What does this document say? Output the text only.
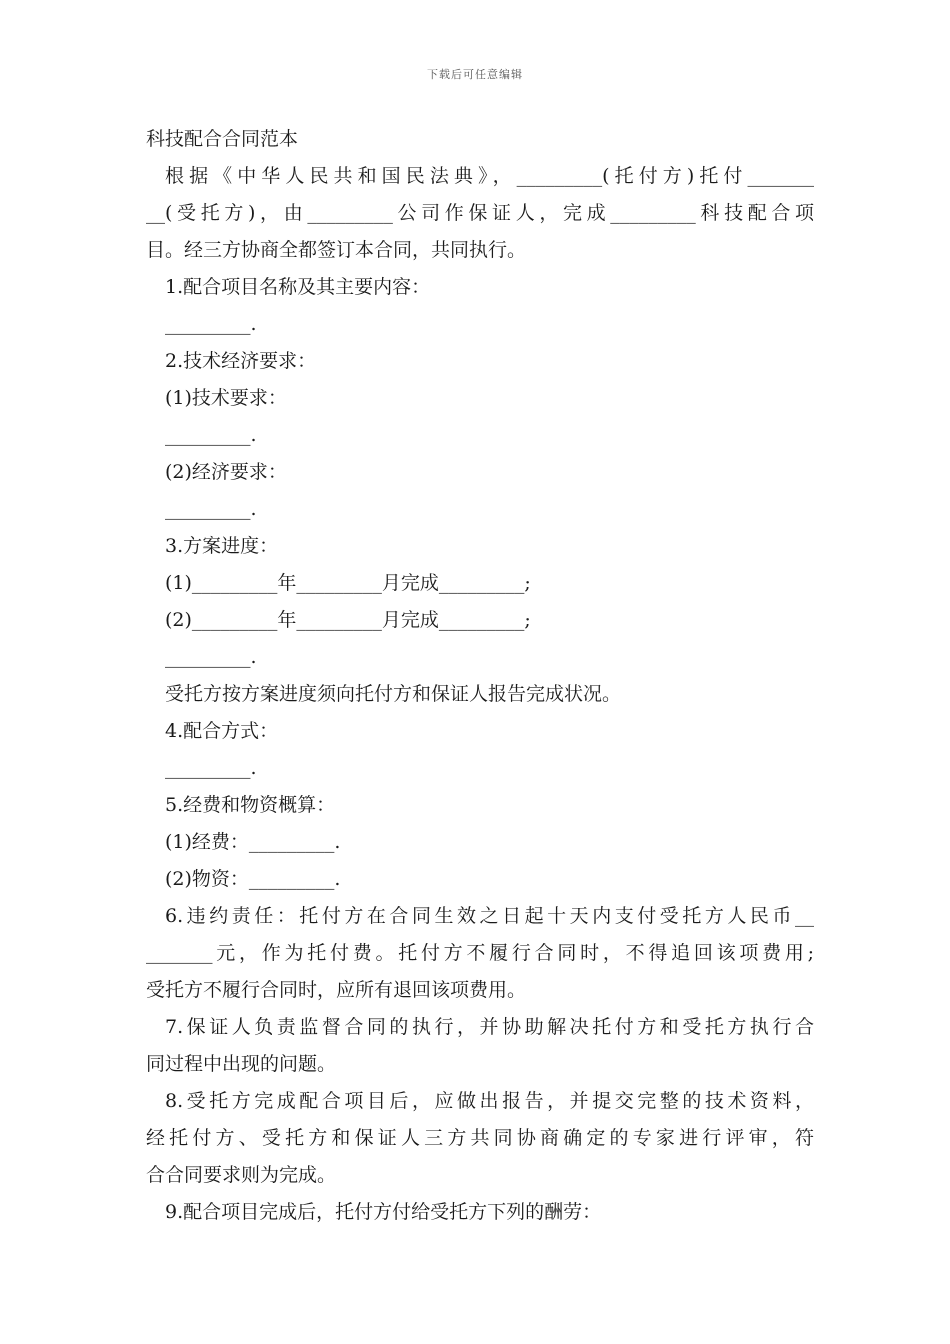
下载后可任意编辑
科技配合合同范本
根据《中华人民共和国民法典》，_________(托付方)托付_______
__(受托方)，由_________公司作保证人，完成_________科技配合项
目。经三方协商全都签订本合同，共同执行。
1.配合项目名称及其主要内容：
_________.
2.技术经济要求：
(1)技术要求：
_________.
(2)经济要求：
_________.
3.方案进度：
(1)_________年_________月完成_________;
(2)_________年_________月完成_________;
_________.
受托方按方案进度须向托付方和保证人报告完成状况。
4.配合方式：
_________.
5.经费和物资概算：
(1)经费：_________.
(2)物资：_________.
6.违约责任：托付方在合同生效之日起十天内支付受托方人民币__
_______元，作为托付费。托付方不履行合同时，不得追回该项费用;
受托方不履行合同时，应所有退回该项费用。
7.保证人负责监督合同的执行，并协助解决托付方和受托方执行合
同过程中出现的问题。
8.受托方完成配合项目后，应做出报告，并提交完整的技术资料，
经托付方、受托方和保证人三方共同协商确定的专家进行评审，符
合合同要求则为完成。
9.配合项目完成后，托付方付给受托方下列的酬劳：
